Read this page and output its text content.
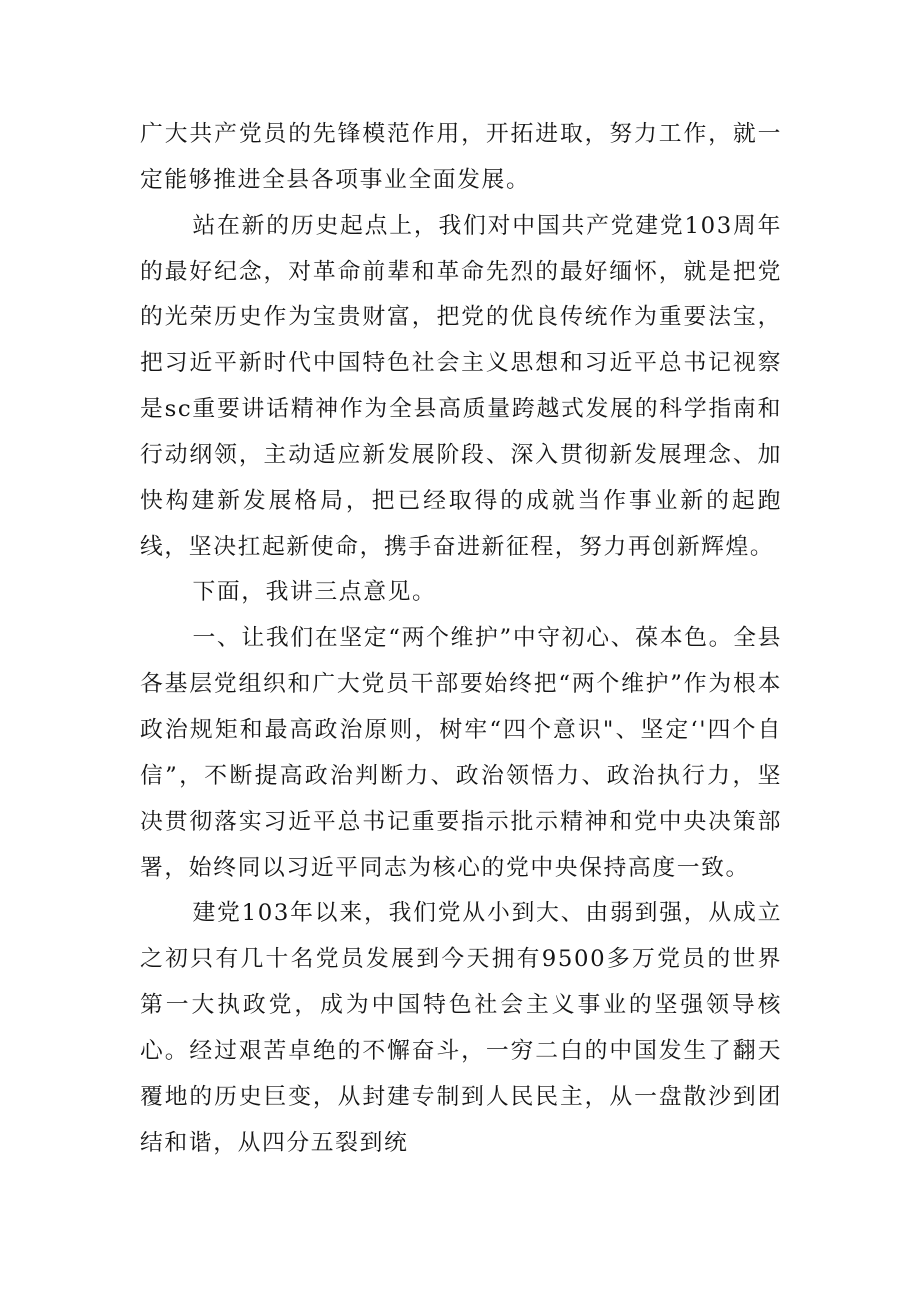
广大共产党员的先锋模范作用，开拓进取，努力工作，就一定能够推进全县各项事业全面发展。

站在新的历史起点上，我们对中国共产党建党103周年的最好纪念，对革命前辈和革命先烈的最好缅怀，就是把党的光荣历史作为宝贵财富，把党的优良传统作为重要法宝，把习近平新时代中国特色社会主义思想和习近平总书记视察是sc重要讲话精神作为全县高质量跨越式发展的科学指南和行动纲领，主动适应新发展阶段、深入贯彻新发展理念、加快构建新发展格局，把已经取得的成就当作事业新的起跑线，坚决扛起新使命，携手奋进新征程，努力再创新辉煌。

下面，我讲三点意见。

一、让我们在坚定“两个维护”中守初心、葆本色。全县各基层党组织和广大党员干部要始终把“两个维护”作为根本政治规矩和最高政治原则，树牢“四个意识"、坚定‘'四个自信”，不断提高政治判断力、政治领悟力、政治执行力，坚决贯彻落实习近平总书记重要指示批示精神和党中央决策部署，始终同以习近平同志为核心的党中央保持高度一致。

建党103年以来，我们党从小到大、由弱到强，从成立之初只有几十名党员发展到今天拥有9500多万党员的世界第一大执政党，成为中国特色社会主义事业的坚强领导核心。经过艰苦卓绝的不懈奋斗，一穷二白的中国发生了翻天覆地的历史巨变，从封建专制到人民民主，从一盘散沙到团结和谐，从四分五裂到统
